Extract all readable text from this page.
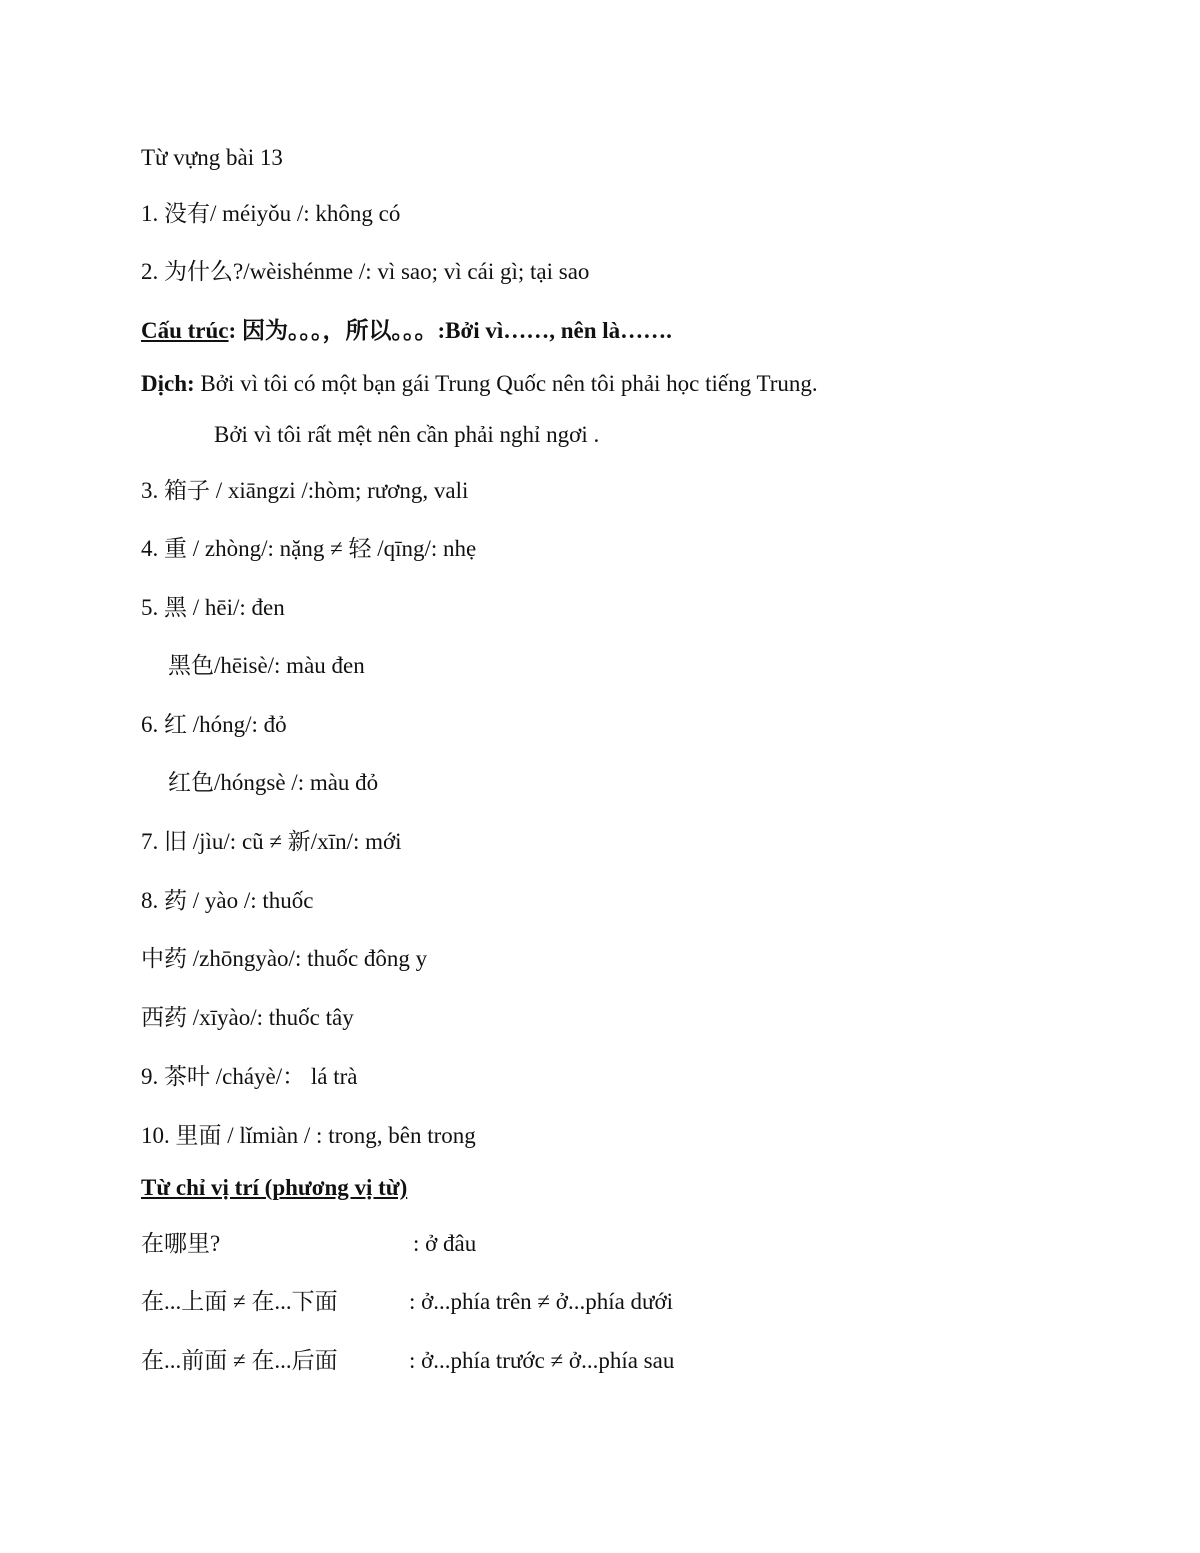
Từ vựng bài 13
1. 没有/ méiyǒu /: không có
2. 为什么?/wèishénme /: vì sao; vì cái gì; tại sao
Cấu trúc: 因为。。。，所以。。。:Bởi vì……, nên là…….
Dịch: Bởi vì tôi có một bạn gái Trung Quốc nên tôi phải học tiếng Trung.
Bởi vì tôi rất mệt nên cần phải nghỉ ngơi .
3. 箱子 / xiāngzi /:hòm; rương, vali
4. 重 / zhòng/: nặng ≠ 轻 /qīng/: nhẹ
5. 黑 / hēi/: đen
黑色/hēisè/: màu đen
6. 红 /hóng/: đỏ
红色/hóngsè /: màu đỏ
7. 旧 /jìu/: cũ ≠ 新/xīn/: mới
8. 药 / yào /: thuốc
中药 /zhōngyào/: thuốc đông y
西药 /xīyào/: thuốc tây
9. 茶叶 /cháyè/： lá trà
10. 里面 / lǐmiàn / : trong, bên trong
Từ chỉ vị trí (phương vị từ)
在哪里?	: ở đâu
在...上面 ≠ 在...下面	: ở...phía trên ≠ ở...phía dưới
在...前面 ≠ 在...后面	: ở...phía trước ≠ ở...phía sau
